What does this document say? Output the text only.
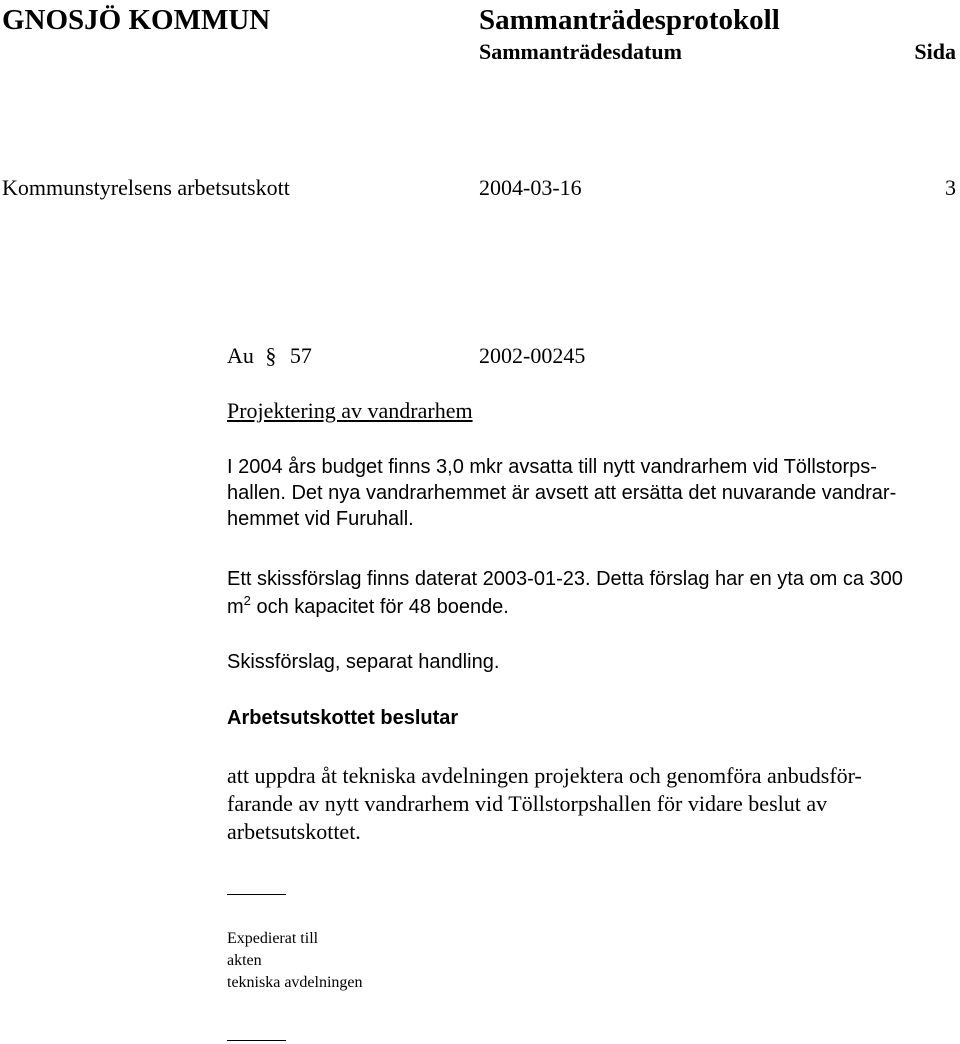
GNOSJÖ KOMMUN	Sammanträdesprotokoll
Sammanträdesdatum	Sida
Kommunstyrelsens arbetsutskott	2004-03-16	3
Au § 57	2002-00245
Projektering av vandrarhem
I 2004 års budget finns 3,0 mkr avsatta till nytt vandrarhem vid Töllstorps-
hallen. Det nya vandrarhemmet är avsett att ersätta det nuvarande vandrar-
hemmet vid Furuhall.
Ett skissförslag finns daterat 2003-01-23. Detta förslag har en yta om ca 300
$m^2$ och kapacitet för 48 boende.
Skissförslag, separat handling.
Arbetsutskottet beslutar
att uppdra åt tekniska avdelningen projektera och genomföra anbudsför-
farande av nytt vandrarhem vid Töllstorpshallen för vidare beslut av
arbetsutskottet.
Expedierat till
akten
tekniska avdelningen
